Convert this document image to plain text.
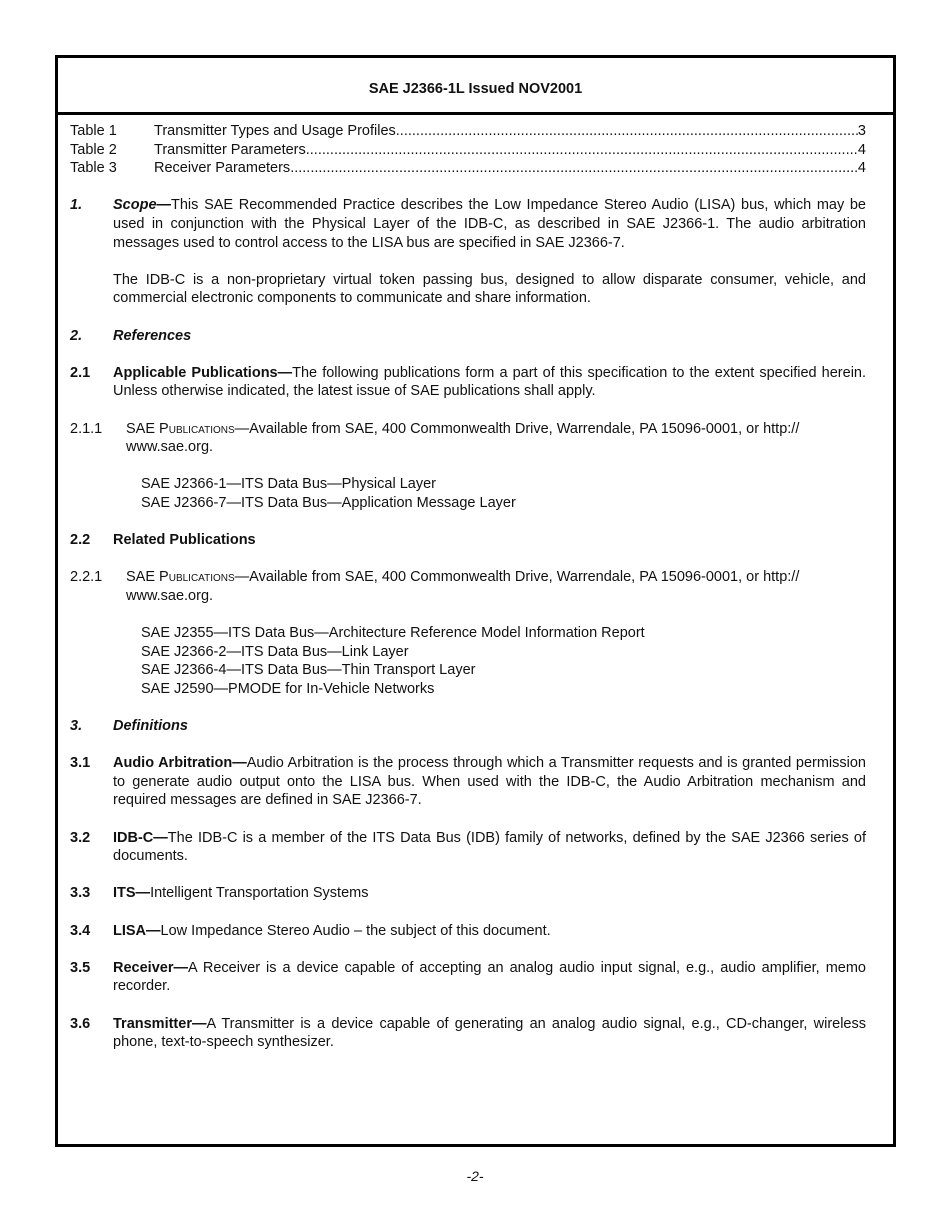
SAE J2366-1L Issued NOV2001
Table 1	Transmitter Types and Usage Profiles .....	3
Table 2	Transmitter Parameters .....	4
Table 3	Receiver Parameters .....	4
1.	Scope—This SAE Recommended Practice describes the Low Impedance Stereo Audio (LISA) bus, which may be used in conjunction with the Physical Layer of the IDB-C, as described in SAE J2366-1. The audio arbitration messages used to control access to the LISA bus are specified in SAE J2366-7.
The IDB-C is a non-proprietary virtual token passing bus, designed to allow disparate consumer, vehicle, and commercial electronic components to communicate and share information.
2.	References
2.1	Applicable Publications—The following publications form a part of this specification to the extent specified herein. Unless otherwise indicated, the latest issue of SAE publications shall apply.
2.1.1	SAE Publications—Available from SAE, 400 Commonwealth Drive, Warrendale, PA 15096-0001, or http://
www.sae.org.
SAE J2366-1—ITS Data Bus—Physical Layer
SAE J2366-7—ITS Data Bus—Application Message Layer
2.2	Related Publications
2.2.1	SAE Publications—Available from SAE, 400 Commonwealth Drive, Warrendale, PA 15096-0001, or http://
www.sae.org.
SAE J2355—ITS Data Bus—Architecture Reference Model Information Report
SAE J2366-2—ITS Data Bus—Link Layer
SAE J2366-4—ITS Data Bus—Thin Transport Layer
SAE J2590—PMODE for In-Vehicle Networks
3.	Definitions
3.1	Audio Arbitration—Audio Arbitration is the process through which a Transmitter requests and is granted permission to generate audio output onto the LISA bus. When used with the IDB-C, the Audio Arbitration mechanism and required messages are defined in SAE J2366-7.
3.2	IDB-C—The IDB-C is a member of the ITS Data Bus (IDB) family of networks, defined by the SAE J2366 series of documents.
3.3	ITS—Intelligent Transportation Systems
3.4	LISA—Low Impedance Stereo Audio – the subject of this document.
3.5	Receiver—A Receiver is a device capable of accepting an analog audio input signal, e.g., audio amplifier, memo recorder.
3.6	Transmitter—A Transmitter is a device capable of generating an analog audio signal, e.g., CD-changer, wireless phone, text-to-speech synthesizer.
-2-
